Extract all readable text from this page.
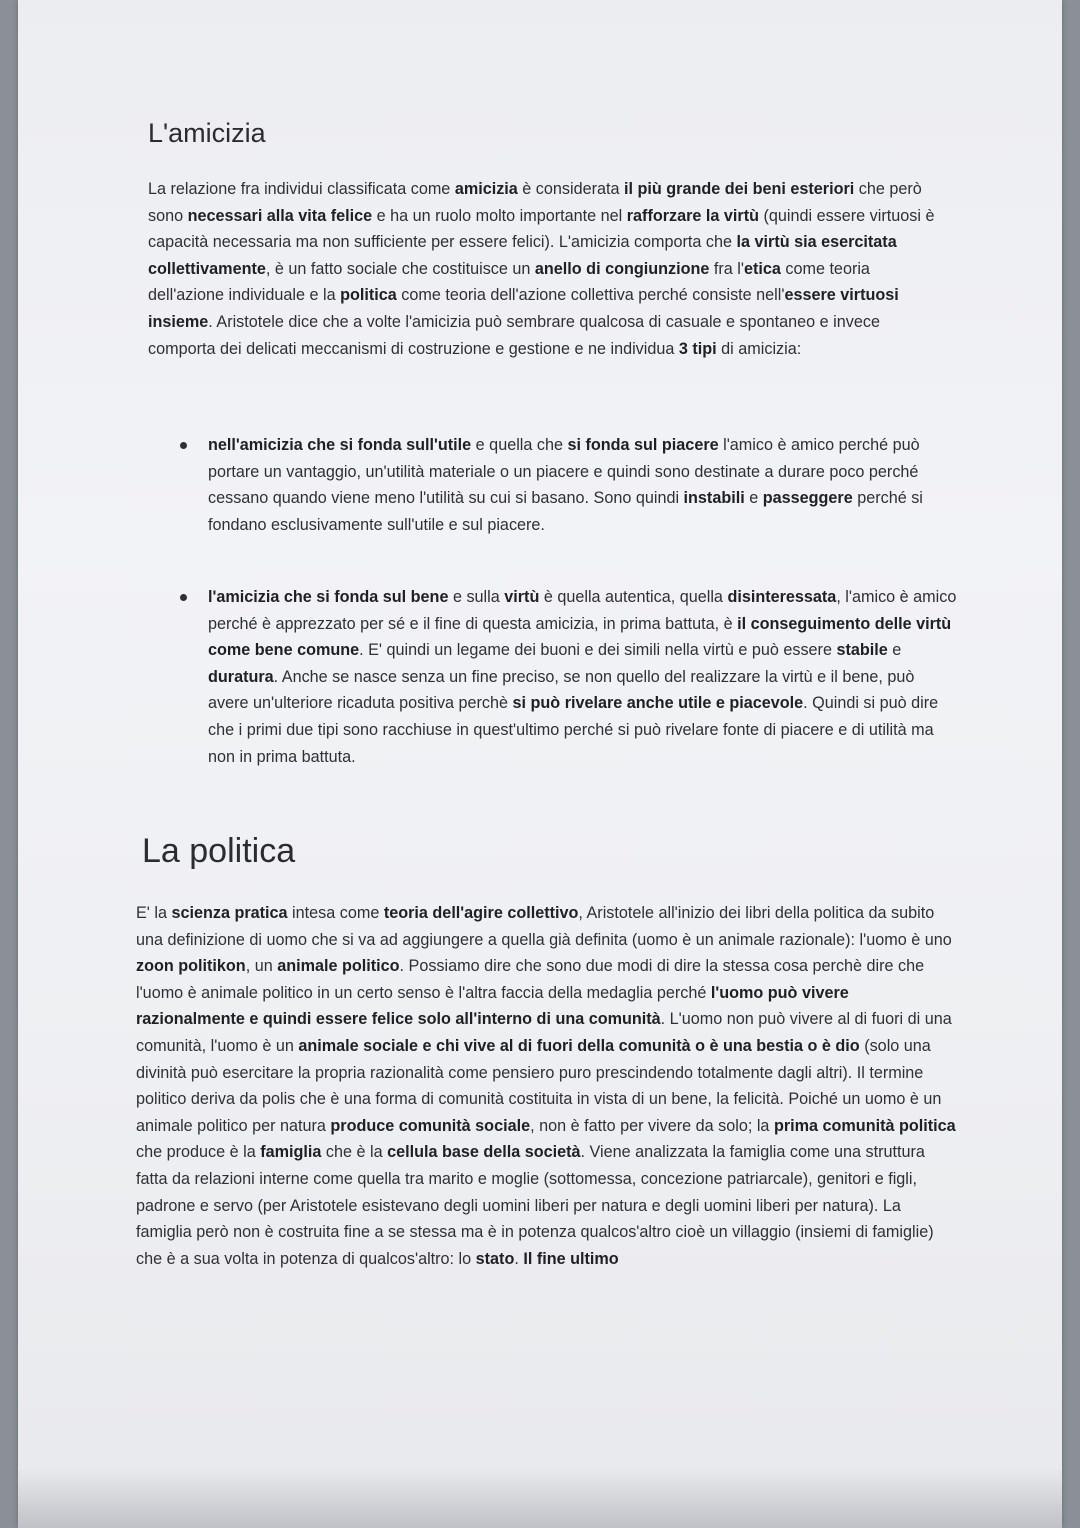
L'amicizia

La relazione fra individui classificata come amicizia è considerata il più grande dei beni esteriori che però sono necessari alla vita felice e ha un ruolo molto importante nel rafforzare la virtù (quindi essere virtuosi è capacità necessaria ma non sufficiente per essere felici). L'amicizia comporta che la virtù sia esercitata collettivamente, è un fatto sociale che costituisce un anello di congiunzione fra l'etica come teoria dell'azione individuale e la politica come teoria dell'azione collettiva perché consiste nell'essere virtuosi insieme. Aristotele dice che a volte l'amicizia può sembrare qualcosa di casuale e spontaneo e invece comporta dei delicati meccanismi di costruzione e gestione e ne individua 3 tipi di amicizia:

nell'amicizia che si fonda sull'utile e quella che si fonda sul piacere l'amico è amico perché può portare un vantaggio, un'utilità materiale o un piacere e quindi sono destinate a durare poco perché cessano quando viene meno l'utilità su cui si basano. Sono quindi instabili e passeggere perché si fondano esclusivamente sull'utile e sul piacere.
l'amicizia che si fonda sul bene e sulla virtù è quella autentica, quella disinteressata, l'amico è amico perché è apprezzato per sé e il fine di questa amicizia, in prima battuta, è il conseguimento delle virtù come bene comune. E' quindi un legame dei buoni e dei simili nella virtù e può essere stabile e duratura. Anche se nasce senza un fine preciso, se non quello del realizzare la virtù e il bene, può avere un'ulteriore ricaduta positiva perchè si può rivelare anche utile e piacevole. Quindi si può dire che i primi due tipi sono racchiuse in quest'ultimo perché si può rivelare fonte di piacere e di utilità ma non in prima battuta.
La politica

E' la scienza pratica intesa come teoria dell'agire collettivo, Aristotele all'inizio dei libri della politica da subito una definizione di uomo che si va ad aggiungere a quella già definita (uomo è un animale razionale): l'uomo è uno zoon politikon, un animale politico. Possiamo dire che sono due modi di dire la stessa cosa perchè dire che l'uomo è animale politico in un certo senso è l'altra faccia della medaglia perché l'uomo può vivere razionalmente e quindi essere felice solo all'interno di una comunità. L'uomo non può vivere al di fuori di una comunità, l'uomo è un animale sociale e chi vive al di fuori della comunità o è una bestia o è dio (solo una divinità può esercitare la propria razionalità come pensiero puro prescindendo totalmente dagli altri). Il termine politico deriva da polis che è una forma di comunità costituita in vista di un bene, la felicità. Poiché un uomo è un animale politico per natura produce comunità sociale, non è fatto per vivere da solo; la prima comunità politica che produce è la famiglia che è la cellula base della società. Viene analizzata la famiglia come una struttura fatta da relazioni interne come quella tra marito e moglie (sottomessa, concezione patriarcale), genitori e figli, padrone e servo (per Aristotele esistevano degli uomini liberi per natura e degli uomini liberi per natura). La famiglia però non è costruita fine a se stessa ma è in potenza qualcos'altro cioè un villaggio (insiemi di famiglie) che è a sua volta in potenza di qualcos'altro: lo stato. Il fine ultimo
